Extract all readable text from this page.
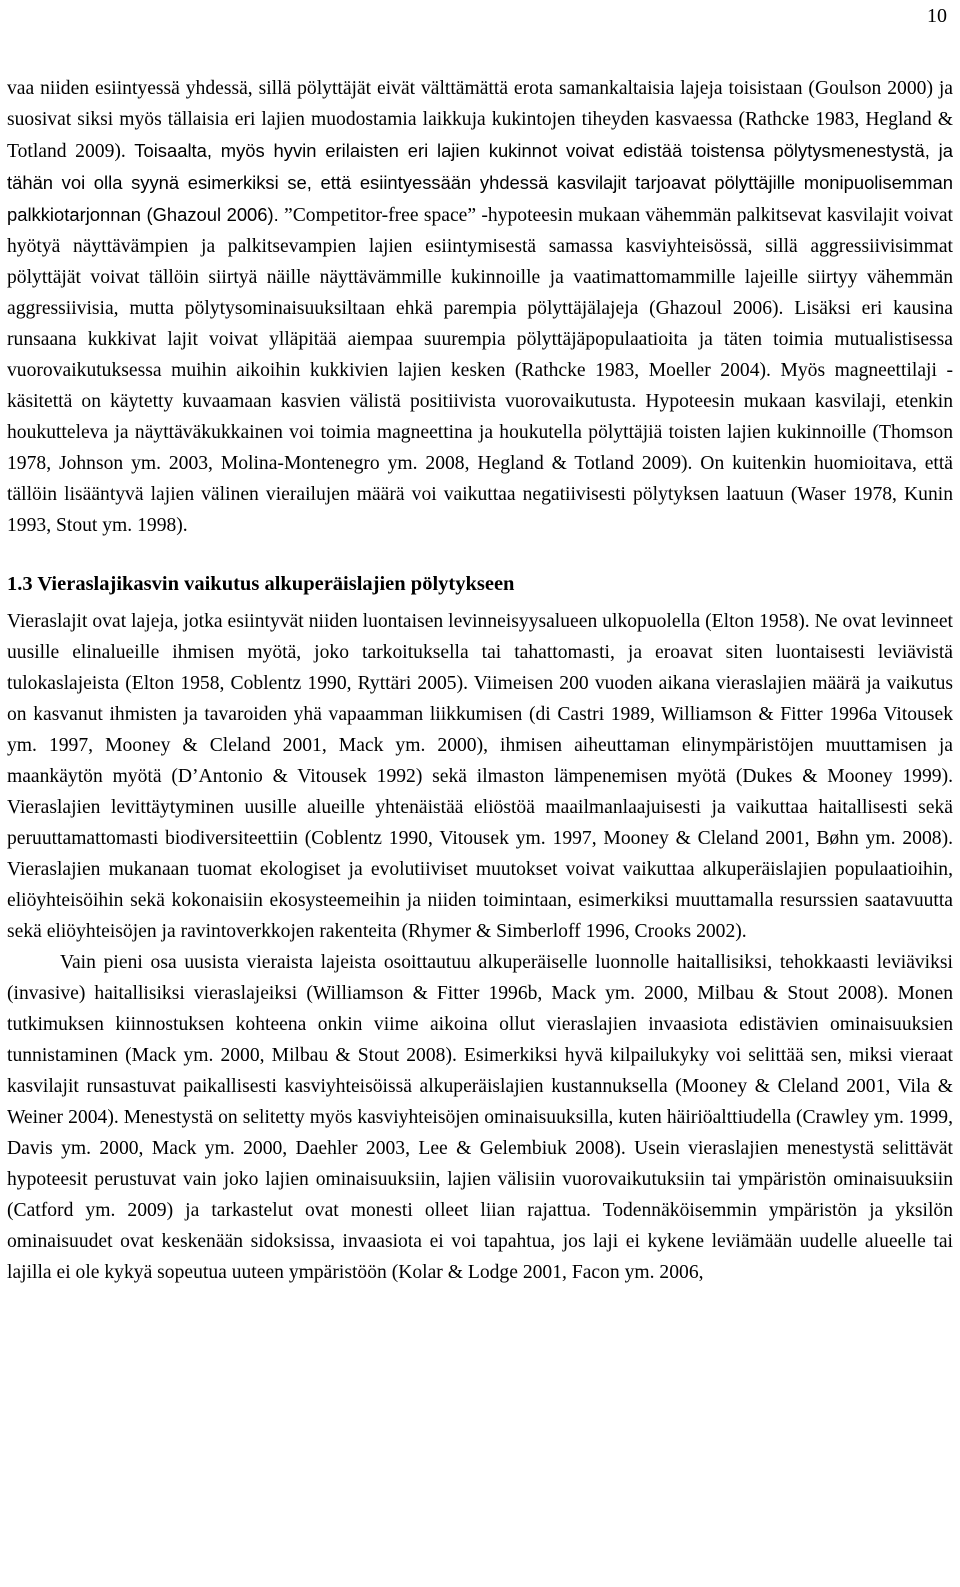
10

vaa niiden esiintyessä yhdessä, sillä pölyttäjät eivät välttämättä erota samankaltaisia lajeja toisistaan (Goulson 2000) ja suosivat siksi myös tällaisia eri lajien muodostamia laikkuja kukintojen tiheyden kasvaessa (Rathcke 1983, Hegland & Totland 2009). Toisaalta, myös hyvin erilaisten eri lajien kukinnot voivat edistää toistensa pölytysmenestystä, ja tähän voi olla syynä esimerkiksi se, että esiintyessään yhdessä kasvilajit tarjoavat pölyttäjille monipuolisemman palkkiotarjonnan (Ghazoul 2006). ”Competitor-free space” -hypoteesin mukaan vähemmän palkitsevat kasvilajit voivat hyötyä näyttävämpien ja palkitsevampien lajien esiintymisestä samassa kasviyhteisössä, sillä aggressiivisimmat pölyttäjät voivat tällöin siirtyä näille näyttävämmille kukinnoille ja vaatimattomammille lajeille siirtyy vähemmän aggressiivisia, mutta pölytysominaisuuksiltaan ehkä parempia pölyttäjälajeja (Ghazoul 2006). Lisäksi eri kausina runsaana kukkivat lajit voivat ylläpitää aiempaa suurempia pölyttäjäpopulaatioita ja täten toimia mutualistisessa vuorovaikutuksessa muihin aikoihin kukkivien lajien kesken (Rathcke 1983, Moeller 2004). Myös magneettilaji - käsitettä on käytetty kuvaamaan kasvien välistä positiivista vuorovaikutusta. Hypoteesin mukaan kasvilaji, etenkin houkutteleva ja näyttäväkukkainen voi toimia magneettina ja houkutella pölyttäjiä toisten lajien kukinnoille (Thomson 1978, Johnson ym. 2003, Molina-Montenegro ym. 2008, Hegland & Totland 2009). On kuitenkin huomioitava, että tällöin lisääntyvä lajien välinen vierailujen määrä voi vaikuttaa negatiivisesti pölytyksen laatuun (Waser 1978, Kunin 1993, Stout ym. 1998).

1.3 Vieraslajikasvin vaikutus alkuperäislajien pölytykseen

Vieraslajit ovat lajeja, jotka esiintyvät niiden luontaisen levinneisyysalueen ulkopuolella (Elton 1958). Ne ovat levinneet uusille elinalueille ihmisen myötä, joko tarkoituksella tai tahattomasti, ja eroavat siten luontaisesti leviävistä tulokaslajeista (Elton 1958, Coblentz 1990, Ryttäri 2005). Viimeisen 200 vuoden aikana vieraslajien määrä ja vaikutus on kasvanut ihmisten ja tavaroiden yhä vapaamman liikkumisen (di Castri 1989, Williamson & Fitter 1996a Vitousek ym. 1997, Mooney & Cleland 2001, Mack ym. 2000), ihmisen aiheuttaman elinympäristöjen muuttamisen ja maankäytön myötä (D’Antonio & Vitousek 1992) sekä ilmaston lämpenemisen myötä (Dukes & Mooney 1999). Vieraslajien levittäytyminen uusille alueille yhtenäistää eliöstöä maailmanlaajuisesti ja vaikuttaa haitallisesti sekä peruuttamattomasti biodiversiteettiin (Coblentz 1990, Vitousek ym. 1997, Mooney & Cleland 2001, Bøhn ym. 2008). Vieraslajien mukanaan tuomat ekologiset ja evolutiiviset muutokset voivat vaikuttaa alkuperäislajien populaatioihin, eliöyhteisöihin sekä kokonaisiin ekosysteemeihin ja niiden toimintaan, esimerkiksi muuttamalla resurssien saatavuutta sekä eliöyhteisöjen ja ravintoverkkojen rakenteita (Rhymer & Simberloff 1996, Crooks 2002).

Vain pieni osa uusista vieraista lajeista osoittautuu alkuperäiselle luonnolle haitallisiksi, tehokkaasti leviäviksi (invasive) haitallisiksi vieraslajeiksi (Williamson & Fitter 1996b, Mack ym. 2000, Milbau & Stout 2008). Monen tutkimuksen kiinnostuksen kohteena onkin viime aikoina ollut vieraslajien invaasiota edistävien ominaisuuksien tunnistaminen (Mack ym. 2000, Milbau & Stout 2008). Esimerkiksi hyvä kilpailukyky voi selittää sen, miksi vieraat kasvilajit runsastuvat paikallisesti kasviyhteisöissä alkuperäislajien kustannuksella (Mooney & Cleland 2001, Vila & Weiner 2004). Menestystä on selitetty myös kasviyhteisöjen ominaisuuksilla, kuten häiriöalttiudella (Crawley ym. 1999, Davis ym. 2000, Mack ym. 2000, Daehler 2003, Lee & Gelembiuk 2008). Usein vieraslajien menestystä selittävät hypoteesit perustuvat vain joko lajien ominaisuuksiin, lajien välisiin vuorovaikutuksiin tai ympäristön ominaisuuksiin (Catford ym. 2009) ja tarkastelut ovat monesti olleet liian rajattua. Todennäköisemmin ympäristön ja yksilön ominaisuudet ovat keskenään sidoksissa, invaasiota ei voi tapahtua, jos laji ei kykene leviämään uudelle alueelle tai lajilla ei ole kykyä sopeutua uuteen ympäristöön (Kolar & Lodge 2001, Facon ym. 2006,
